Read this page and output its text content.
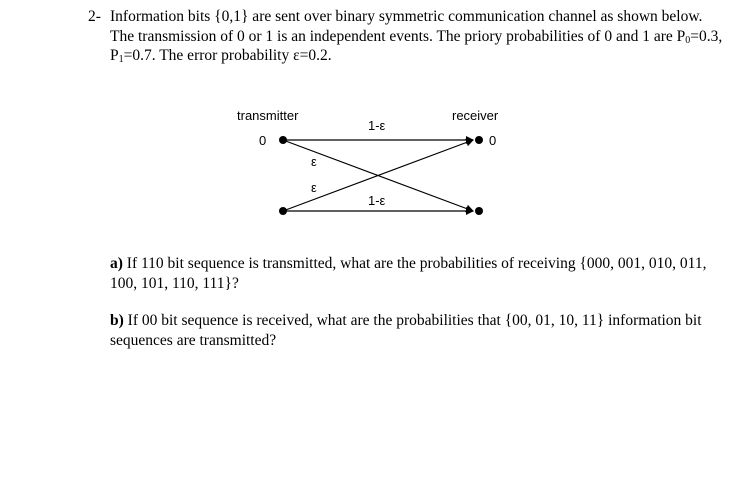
2- Information bits {0,1} are sent over binary symmetric communication channel as shown below. The transmission of 0 or 1 is an independent events. The priory probabilities of 0 and 1 are $P_0=0.3$, $P_1=0.7$. The error probability ε=0.2.
transmitter	receiver
0	0
1-ε
1-ε
ε
ε
a) If 110 bit sequence is transmitted, what are the probabilities of receiving {000, 001, 010, 011, 100, 101, 110, 111}?
b) If 00 bit sequence is received, what are the probabilities that {00, 01, 10, 11} information bit sequences are transmitted?
